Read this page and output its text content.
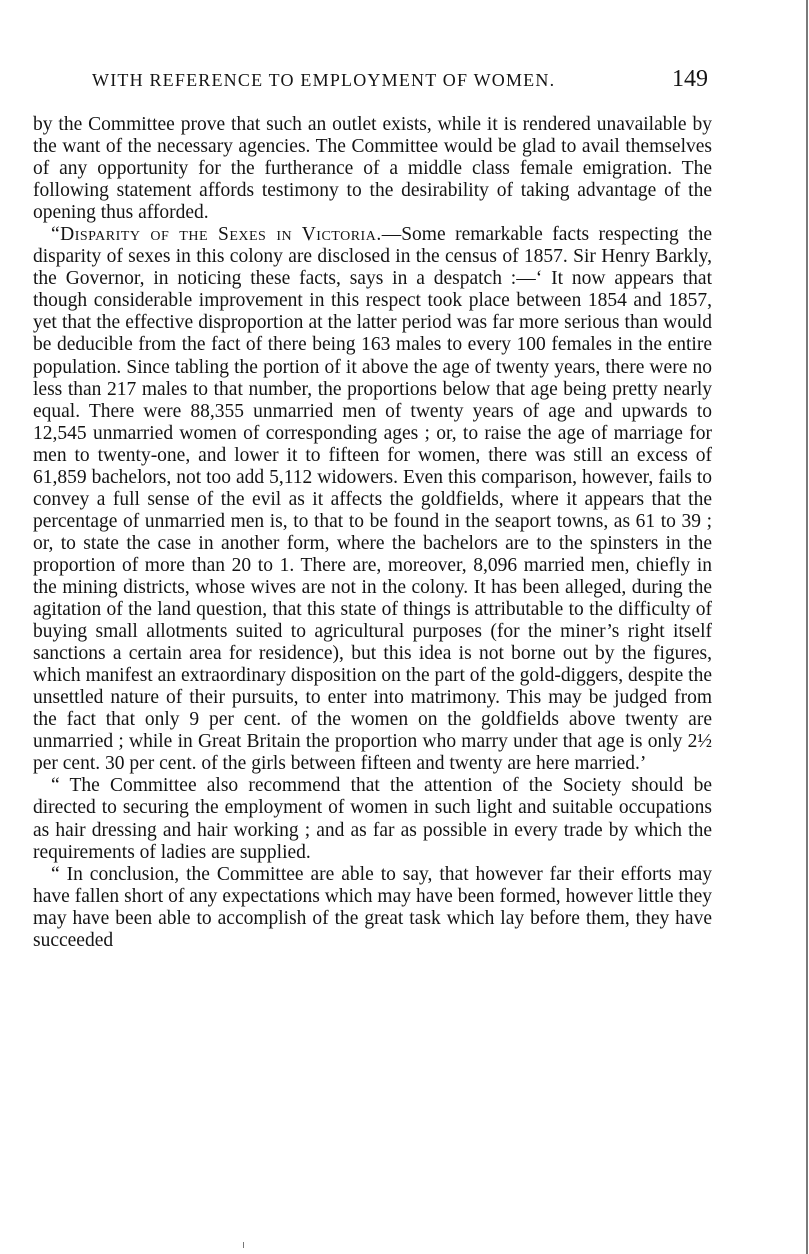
WITH REFERENCE TO EMPLOYMENT OF WOMEN.	149

by the Committee prove that such an outlet exists, while it is rendered unavailable by the want of the necessary agencies. The Committee would be glad to avail themselves of any opportunity for the furtherance of a middle class female emigration. The following statement affords testimony to the desirability of taking advantage of the opening thus afforded.

“Disparity of the Sexes in Victoria.—Some remarkable facts respecting the disparity of sexes in this colony are disclosed in the census of 1857. Sir Henry Barkly, the Governor, in noticing these facts, says in a despatch :—‘ It now appears that though considerable improvement in this respect took place between 1854 and 1857, yet that the effective disproportion at the latter period was far more serious than would be deducible from the fact of there being 163 males to every 100 females in the entire population. Since tabling the portion of it above the age of twenty years, there were no less than 217 males to that number, the proportions below that age being pretty nearly equal. There were 88,355 unmarried men of twenty years of age and upwards to 12,545 unmarried women of corresponding ages ; or, to raise the age of marriage for men to twenty-one, and lower it to fifteen for women, there was still an excess of 61,859 bachelors, not too add 5,112 widowers. Even this comparison, however, fails to convey a full sense of the evil as it affects the goldfields, where it appears that the percentage of unmarried men is, to that to be found in the seaport towns, as 61 to 39 ; or, to state the case in another form, where the bachelors are to the spinsters in the proportion of more than 20 to 1. There are, moreover, 8,096 married men, chiefly in the mining districts, whose wives are not in the colony. It has been alleged, during the agitation of the land question, that this state of things is attributable to the difficulty of buying small allotments suited to agricultural purposes (for the miner’s right itself sanctions a certain area for residence), but this idea is not borne out by the figures, which manifest an extraordinary disposition on the part of the gold-diggers, despite the unsettled nature of their pursuits, to enter into matrimony. This may be judged from the fact that only 9 per cent. of the women on the goldfields above twenty are unmarried ; while in Great Britain the proportion who marry under that age is only 2½ per cent. 30 per cent. of the girls between fifteen and twenty are here married.’

“ The Committee also recommend that the attention of the Society should be directed to securing the employment of women in such light and suitable occupations as hair dressing and hair working ; and as far as possible in every trade by which the requirements of ladies are supplied.

“ In conclusion, the Committee are able to say, that however far their efforts may have fallen short of any expectations which may have been formed, however little they may have been able to accomplish of the great task which lay before them, they have succeeded
